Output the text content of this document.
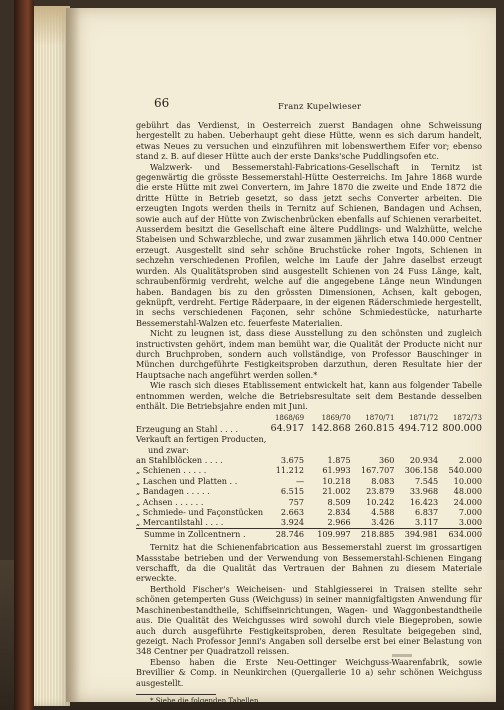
66	Franz Kupelwieser

gebührt das Verdienst, in Oesterreich zuerst Bandagen ohne Schweissung hergestellt zu haben. Ueberhaupt geht diese Hütte, wenn es sich darum handelt, etwas Neues zu versuchen und einzuführen mit lobenswerthem Eifer vor; ebenso stand z. B. auf dieser Hütte auch der erste Danks'sche Puddlingsofen etc.

Walzwerk- und Bessemerstahl-Fabrications-Gesellschaft in Ternitz ist gegenwärtig die grösste Bessemerstahl-Hütte Oesterreichs. Im Jahre 1868 wurde die erste Hütte mit zwei Convertern, im Jahre 1870 die zweite und Ende 1872 die dritte Hütte in Betrieb gesetzt, so dass jetzt sechs Converter arbeiten. Die erzeugten Ingots werden theils in Ternitz auf Schienen, Bandagen und Achsen, sowie auch auf der Hütte von Zwischenbrücken ebenfalls auf Schienen verarbeitet. Ausserdem besitzt die Gesellschaft eine ältere Puddlings- und Walzhütte, welche Stabeisen und Schwarzbleche, und zwar zusammen jährlich etwa 140.000 Centner erzeugt. Ausgestellt sind sehr schöne Bruchstücke roher Ingots, Schienen in sechzehn verschiedenen Profilen, welche im Laufe der Jahre daselbst erzeugt wurden. Als Qualitätsproben sind ausgestellt Schienen von 24 Fuss Länge, kalt, schraubenförmig verdreht, welche auf die angegebene Länge neun Windungen haben. Bandagen bis zu den grössten Dimensionen, Achsen, kalt gebogen, geknüpft, verdreht. Fertige Räderpaare, in der eigenen Räderschmiede hergestellt, in sechs verschiedenen Façonen, sehr schöne Schmiedestücke, naturharte Bessemerstahl-Walzen etc. feuerfeste Materialien.

Nicht zu leugnen ist, dass diese Ausstellung zu den schönsten und zugleich instructivsten gehört, indem man bemüht war, die Qualität der Producte nicht nur durch Bruchproben, sondern auch vollständige, von Professor Bauschinger in München durchgeführte Festigkeitsproben darzuthun, deren Resultate hier der Hauptsache nach angeführt werden sollen.*

Wie rasch sich dieses Etablissement entwickelt hat, kann aus folgender Tabelle entnommen werden, welche die Betriebsresultate seit dem Bestande desselben enthält. Die Betriebsjahre enden mit Juni.

	1868/69	1869/70	1870/71	1871/72	1872/73
Erzeugung an Stahl . . . .	64.917	142.868	260.815	494.712	800.000
Verkauft an fertigen Producten,					
und zwar:					
an Stahlblöcken . . . .	3.675	1.875	360	20.934	2.000
„ Schienen . . . . .	11.212	61.993	167.707	306.158	540.000
„ Laschen und Platten . .	—	10.218	8.083	7.545	10.000
„ Bandagen . . . . .	6.515	21.002	23.879	33.968	48.000
„ Achsen . . . . . .	757	8.509	10.242	16.423	24.000
„ Schmiede- und Façonstücken	2.663	2.834	4.588	6.837	7.000
„ Mercantilstahl . . . .	3.924	2.966	3.426	3.117	3.000
Summe in Zollcentnern .	28.746	109.997	218.885	394.981	634.000

Ternitz hat die Schienenfabrication aus Bessemerstahl zuerst im grossartigen Massstabe betrieben und der Verwendung von Bessemerstahl-Schienen Eingang verschafft, da die Qualität das Vertrauen der Bahnen zu diesem Materiale erweckte.

Berthold Fischer's Weicheisen- und Stahlgiesserei in Traisen stellte sehr schönen getemperten Guss (Weichguss) in seiner mannigfaltigsten Anwendung für Maschinenbestandtheile, Schiffseinrichtungen, Wagen- und Waggonbestandtheile aus. Die Qualität des Weichgusses wird sowohl durch viele Biegeproben, sowie auch durch ausgeführte Festigkeitsproben, deren Resultate beigegeben sind, gezeigt. Nach Professor Jenni's Angaben soll derselbe erst bei einer Belastung von 348 Centner per Quadratzoll reissen.

Ebenso haben die Erste Neu-Oettinger Weichguss-Waarenfabrik, sowie Brevillier & Comp. in Neunkirchen (Quergallerie 10 a) sehr schönen Weichguss ausgestellt.

* Siehe die folgenden Tabellen.
